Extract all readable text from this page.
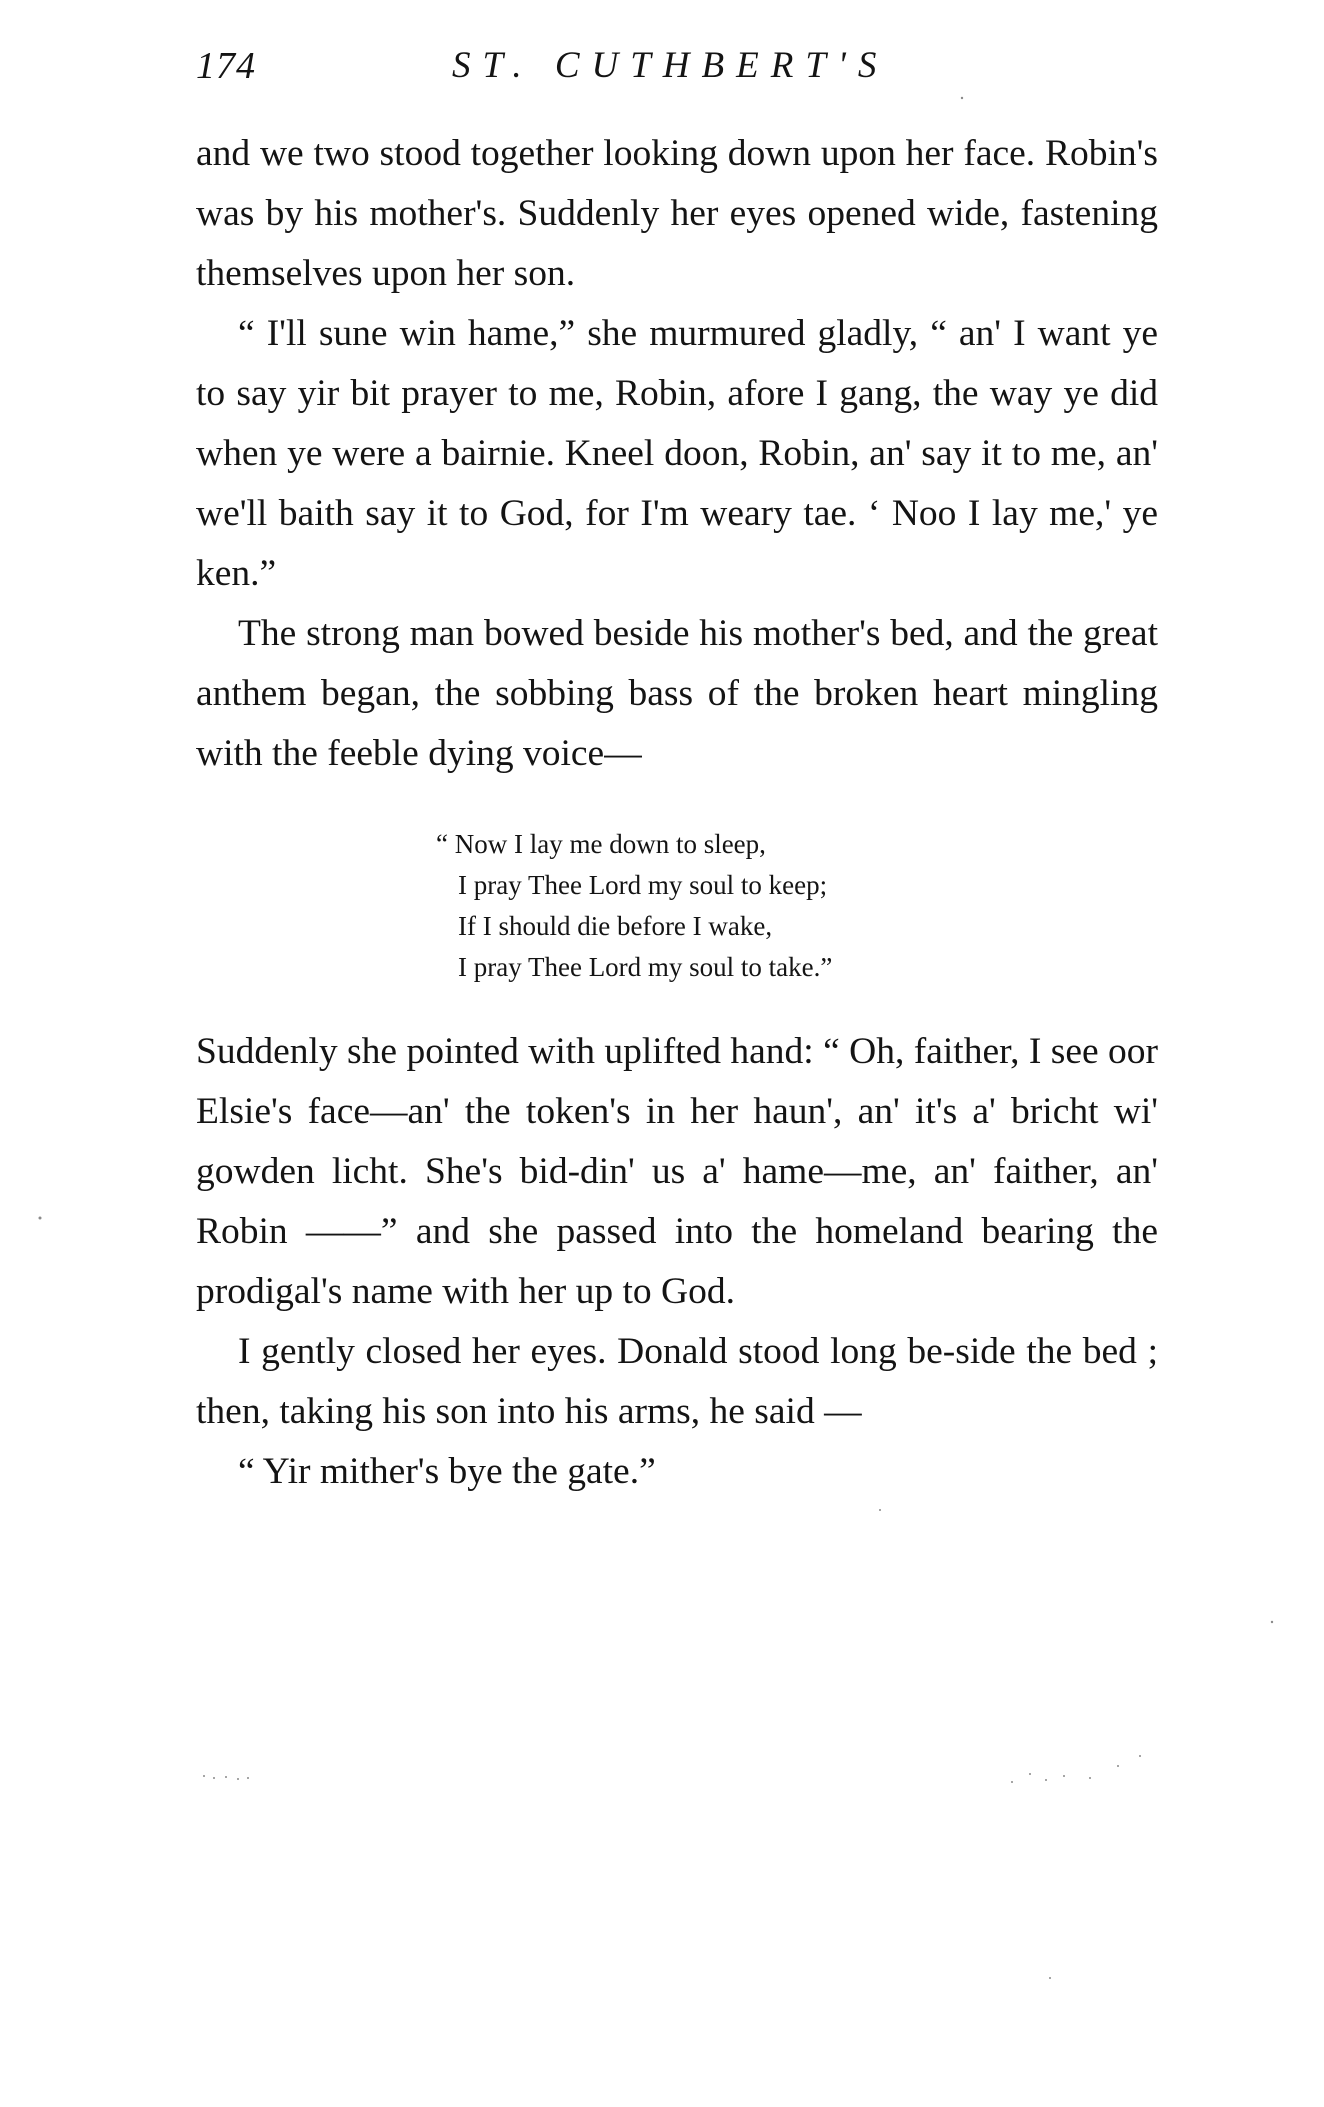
174	ST. CUTHBERT'S

and we two stood together looking down upon her face. Robin's was by his mother's. Suddenly her eyes opened wide, fastening themselves upon her son.

“ I'll sune win hame,” she murmured gladly, “ an' I want ye to say yir bit prayer to me, Robin, afore I gang, the way ye did when ye were a bairnie. Kneel doon, Robin, an' say it to me, an' we'll baith say it to God, for I'm weary tae. ‘ Noo I lay me,' ye ken.”

The strong man bowed beside his mother's bed, and the great anthem began, the sobbing bass of the broken heart mingling with the feeble dying voice—

“ Now I lay me down to sleep,
I pray Thee Lord my soul to keep;
If I should die before I wake,
I pray Thee Lord my soul to take.”

Suddenly she pointed with uplifted hand: “ Oh, faither, I see oor Elsie's face—an' the token's in her haun', an' it's a' bricht wi' gowden licht. She's bid-din' us a' hame—me, an' faither, an' Robin ——” and she passed into the homeland bearing the prodigal's name with her up to God.

I gently closed her eyes. Donald stood long be-side the bed ; then, taking his son into his arms, he said —

“ Yir mither's bye the gate.”
